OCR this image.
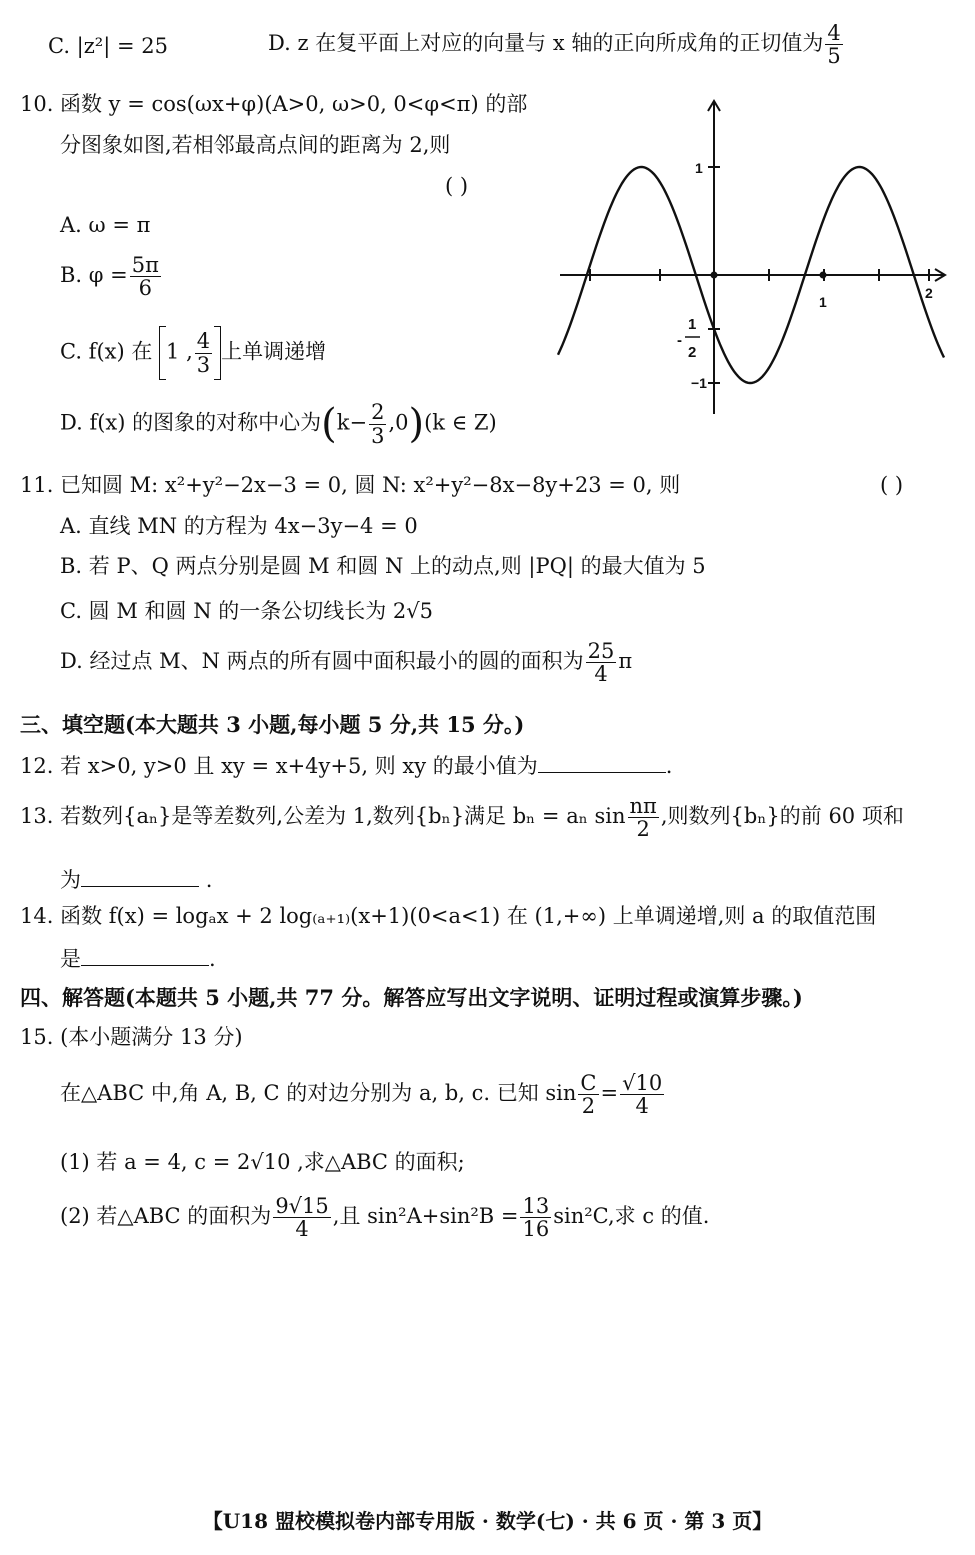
C. |z²| = 25	D. z 在复平面上对应的向量与 x 轴的正向所成角的正切值为 $\frac{4}{5}$
10. 函数 y = cos(ωx+φ)(A>0, ω>0, 0<φ<π) 的部
分图象如图,若相邻最高点间的距离为 2,则
( )
A. ω = π
B. $\varphi = \frac{5\pi}{6}$
C. f(x) 在 1 , $\frac{4}{3}$ 上单调递增
D. f(x) 的图象的对称中心为$(k- \frac{2}{3} ,0)(k$ ∈ Z)
1
−1
1
2
1
2
-
11. 已知圆 M: x²+y²−2x−3 = 0, 圆 N: x²+y²−8x−8y+23 = 0, 则	( )
A. 直线 MN 的方程为 4x−3y−4 = 0
B. 若 P、Q 两点分别是圆 M 和圆 N 上的动点,则 |PQ| 的最大值为 5
C. 圆 M 和圆 N 的一条公切线长为 2√5
D. 经过点 M、N 两点的所有圆中面积最小的圆的面积为 $\frac{25}{4}$ π
三、填空题(本大题共 3 小题,每小题 5 分,共 15 分。)
12. 若 x>0, y>0 且 xy = x+4y+5, 则 xy 的最小值为	.
13. 若数列{aₙ}是等差数列,公差为 1,数列{bₙ}满足 bₙ = aₙ $\sin \frac{n\pi}{2}$ ,则数列{bₙ}的前 60 项和
为	.
14. 函数 f(x) = logₐx + 2 log₍ₐ₊₁₎(x+1)(0<a<1) 在 (1,+∞) 上单调递增,则 a 的取值范围
是	.
四、解答题(本题共 5 小题,共 77 分。解答应写出文字说明、证明过程或演算步骤。)
15. (本小题满分 13 分)
在△ABC 中,角 A, B, C 的对边分别为 a, b, c. 已知 $\sin \frac{C}{2} = \frac{√10}{4}$
(1) 若 a = 4, c = 2√10 ,求△ABC 的面积;
(2) 若△ABC 的面积为 $\frac{9√15}{4}$ ,且 $\sin^2A+\sin^2B = \frac{13}{16} \sin^2C$,求 c 的值.
【U18 盟校模拟卷内部专用版 · 数学(七) · 共 6 页 · 第 3 页】
